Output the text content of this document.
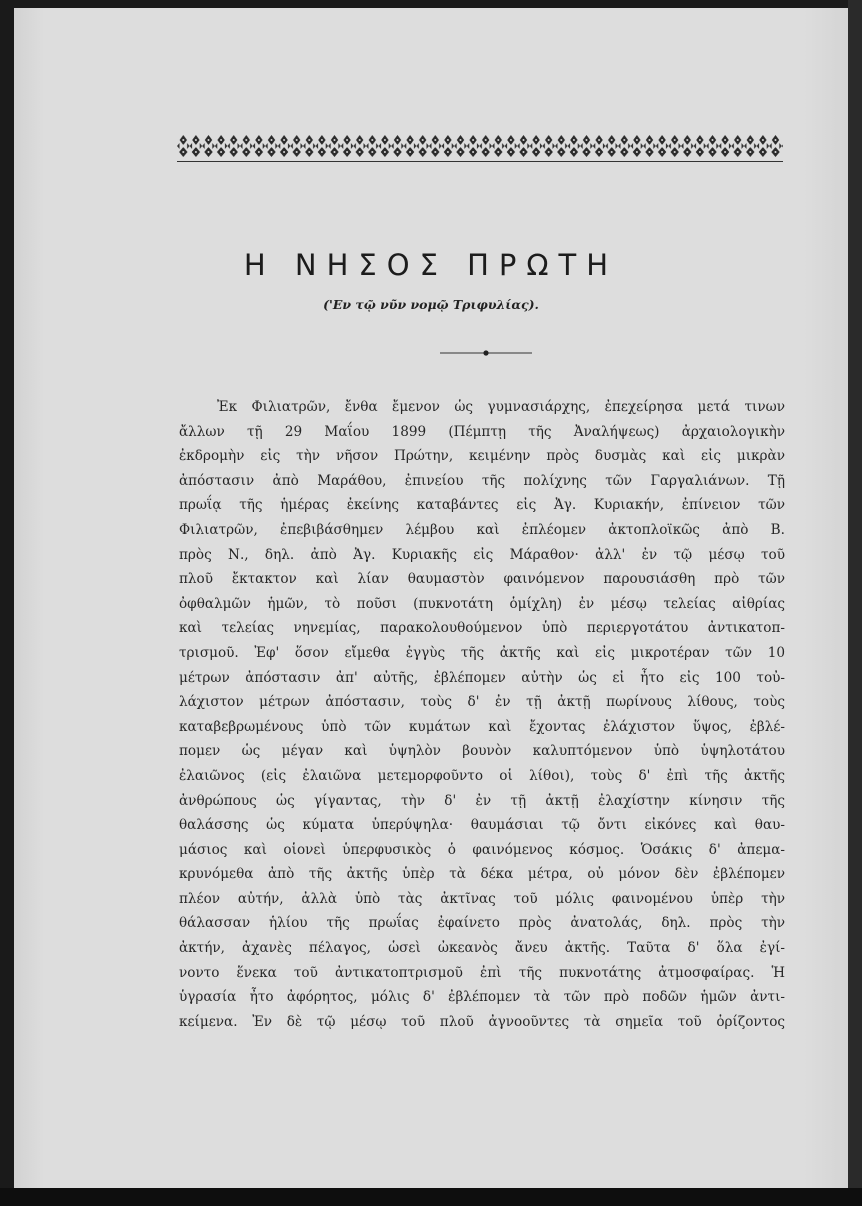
Η ΝΗΣΟΣ ΠΡΩΤΗ
('Εν τῷ νῦν νομῷ Τριφυλίας).
Ἐκ Φιλιατρῶν, ἔνθα ἔμενον ὡς γυμνασιάρχης, ἐπεχείρησα μετά τινων
ἄλλων τῇ 29 Μαΐου 1899 (Πέμπτῃ τῆς Ἀναλήψεως) ἀρχαιολογικὴν
ἐκδρομὴν εἰς τὴν νῆσον Πρώτην, κειμένην πρὸς δυσμὰς καὶ εἰς μικρὰν
ἀπόστασιν ἀπὸ Μαράθου, ἐπινείου τῆς πολίχνης τῶν Γαργαλιάνων. Τῇ
πρωΐᾳ τῆς ἡμέρας ἐκείνης καταβάντες εἰς Ἀγ. Κυριακήν, ἐπίνειον τῶν
Φιλιατρῶν, ἐπεβιβάσθημεν λέμβου καὶ ἐπλέομεν ἀκτοπλοϊκῶς ἀπὸ Β.
πρὸς Ν., δηλ. ἀπὸ Ἀγ. Κυριακῆς εἰς Μάραθον· ἀλλ' ἐν τῷ μέσῳ τοῦ
πλοῦ ἔκτακτον καὶ λίαν θαυμαστὸν φαινόμενον παρουσιάσθη πρὸ τῶν
ὀφθαλμῶν ἡμῶν, τὸ ποῦσι (πυκνοτάτη ὁμίχλη) ἐν μέσῳ τελείας αἰθρίας
καὶ τελείας νηνεμίας, παρακολουθούμενον ὑπὸ περιεργοτάτου ἀντικατοπ-
τρισμοῦ. Ἐφ' ὅσον εἴμεθα ἐγγὺς τῆς ἀκτῆς καὶ εἰς μικροτέραν τῶν 10
μέτρων ἀπόστασιν ἀπ' αὐτῆς, ἐβλέπομεν αὐτὴν ὡς εἰ ἦτο εἰς 100 τοὐ-
λάχιστον μέτρων ἀπόστασιν, τοὺς δ' ἐν τῇ ἀκτῇ πωρίνους λίθους, τοὺς
καταβεβρωμένους ὑπὸ τῶν κυμάτων καὶ ἔχοντας ἐλάχιστον ὕψος, ἐβλέ-
πομεν ὡς μέγαν καὶ ὑψηλὸν βουνὸν καλυπτόμενον ὑπὸ ὑψηλοτάτου
ἐλαιῶνος (εἰς ἐλαιῶνα μετεμορφοῦντο οἱ λίθοι), τοὺς δ' ἐπὶ τῆς ἀκτῆς
ἀνθρώπους ὡς γίγαντας, τὴν δ' ἐν τῇ ἀκτῇ ἐλαχίστην κίνησιν τῆς
θαλάσσης ὡς κύματα ὑπερύψηλα· θαυμάσιαι τῷ ὄντι εἰκόνες καὶ θαυ-
μάσιος καὶ οἱονεὶ ὑπερφυσικὸς ὁ φαινόμενος κόσμος. Ὁσάκις δ' ἀπεμα-
κρυνόμεθα ἀπὸ τῆς ἀκτῆς ὑπὲρ τὰ δέκα μέτρα, οὐ μόνον δὲν ἐβλέπομεν
πλέον αὐτήν, ἀλλὰ ὑπὸ τὰς ἀκτῖνας τοῦ μόλις φαινομένου ὑπὲρ τὴν
θάλασσαν ἡλίου τῆς πρωΐας ἐφαίνετο πρὸς ἀνατολάς, δηλ. πρὸς τὴν
ἀκτήν, ἀχανὲς πέλαγος, ὡσεὶ ὠκεανὸς ἄνευ ἀκτῆς. Ταῦτα δ' ὅλα ἐγί-
νοντο ἕνεκα τοῦ ἀντικατοπτρισμοῦ ἐπὶ τῆς πυκνοτάτης ἀτμοσφαίρας. Ἡ
ὑγρασία ἦτο ἀφόρητος, μόλις δ' ἐβλέπομεν τὰ τῶν πρὸ ποδῶν ἡμῶν ἀντι-
κείμενα. Ἐν δὲ τῷ μέσῳ τοῦ πλοῦ ἀγνοοῦντες τὰ σημεῖα τοῦ ὁρίζοντος
